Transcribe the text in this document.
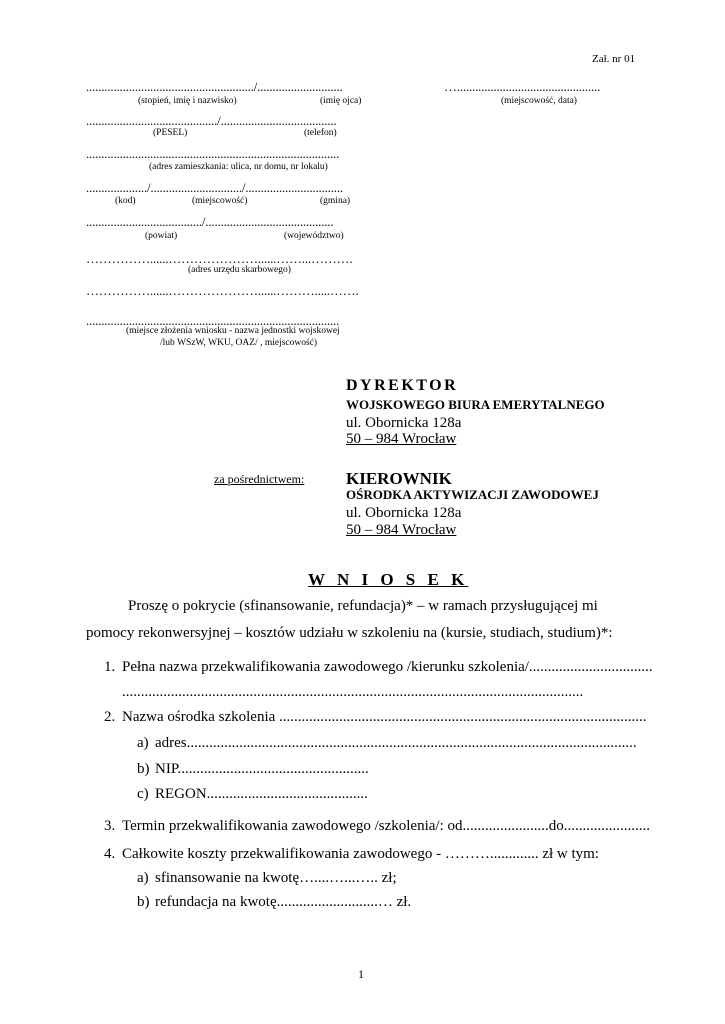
Zał. nr 01
......................................................./............................	…...............................................
(stopień, imię i nazwisko)	(imię ojca)	(miejscowość, data)
.........................................../......................................
(PESEL)	(telefon)
...................................................................................
(adres zamieszkania: ulica, nr domu, nr lokalu)
..................../............................../................................
(kod)	(miejscowość)	(gmina)
....................................../..........................................
(powiat)	(województwo)
……………......…………………......……...……….
(adres urzędu skarbowego)
……………......…………………......……….....…….
...................................................................................
(miejsce złożenia wniosku - nazwa jednostki wojskowej
/lub WSzW, WKU, OAZ/ , miejscowość)
DYREKTOR
WOJSKOWEGO BIURA EMERYTALNEGO
ul. Obornicka 128a
50 – 984 Wrocław
za pośrednictwem: KIEROWNIK
OŚRODKA AKTYWIZACJI ZAWODOWEJ
ul. Obornicka 128a
50 – 984 Wrocław
W N I O S E K
Proszę o pokrycie (sfinansowanie, refundacja)* – w ramach przysługującej mi
pomocy rekonwersyjnej – kosztów udziału w szkoleniu na (kursie, studiach, studium)*:
1. Pełna nazwa przekwalifikowania zawodowego /kierunku szkolenia/.................................
...........................................................................................................................
2. Nazwa ośrodka szkolenia ..................................................................................................
a) adres........................................................................................................................
b) NIP...................................................
c) REGON...........................................
3. Termin przekwalifikowania zawodowego /szkolenia/: od.......................do.......................
4. Całkowite koszty przekwalifikowania zawodowego - ………............. zł w tym:
a) sfinansowanie na kwotę…....…...….. zł;
b) refundacja na kwotę...........................… zł.
1
